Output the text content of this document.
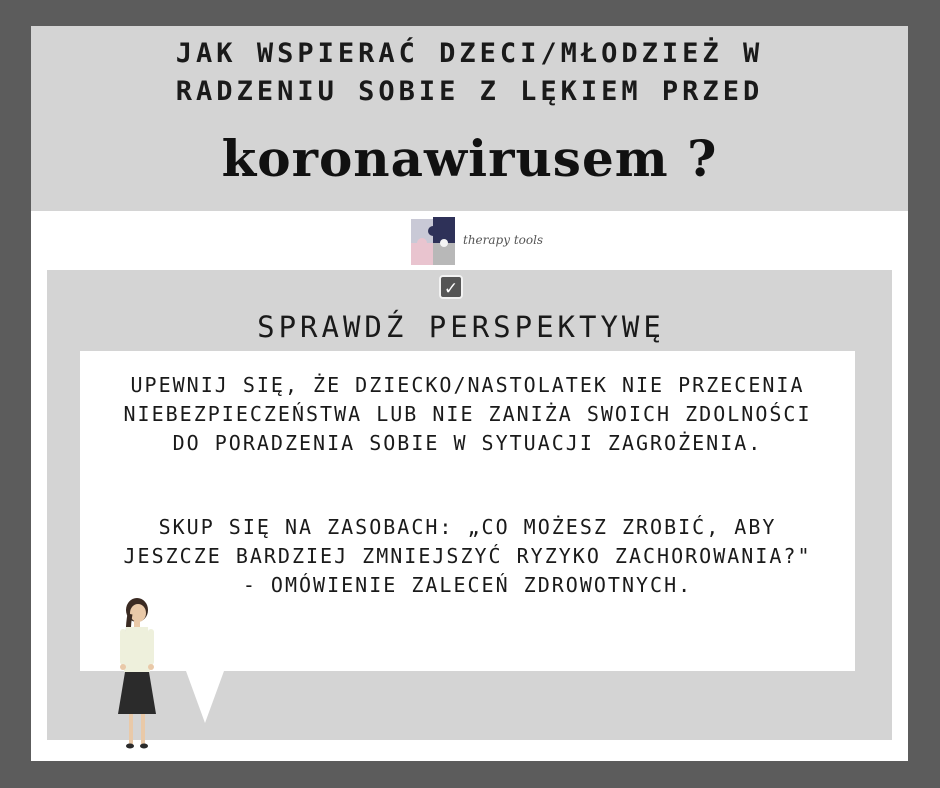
JAK WSPIERAĆ DZECI/MŁODZIEŻ W
RADZENIU SOBIE Z LĘKIEM PRZED
koronawirusem ?
therapy tools
✓
SPRAWDŹ PERSPEKTYWĘ
UPEWNIJ SIĘ, ŻE DZIECKO/NASTOLATEK NIE PRZECENIA NIEBEZPIECZEŃSTWA LUB NIE ZANIŻA SWOICH ZDOLNOŚCI DO PORADZENIA SOBIE W SYTUACJI ZAGROŻENIA.
SKUP SIĘ NA ZASOBACH: „CO MOŻESZ ZROBIĆ, ABY JESZCZE BARDZIEJ ZMNIEJSZYĆ RYZYKO ZACHOROWANIA?" - OMÓWIENIE ZALECEŃ ZDROWOTNYCH.
